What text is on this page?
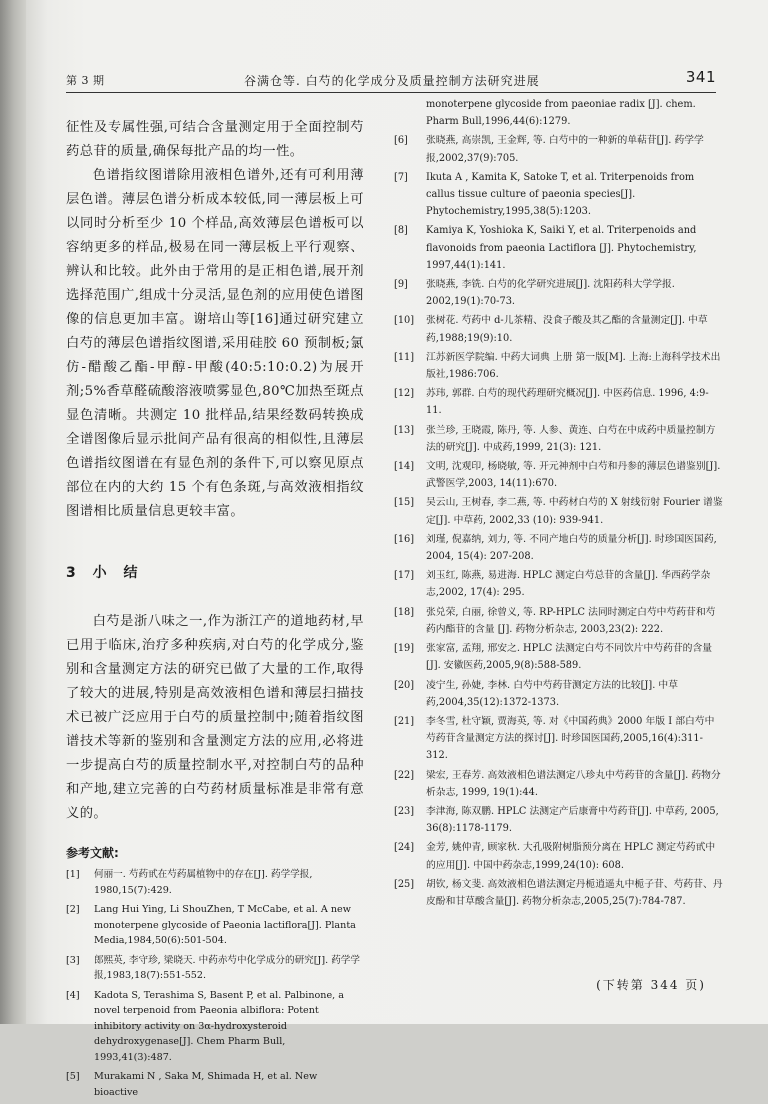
第 3 期	谷满仓等. 白芍的化学成分及质量控制方法研究进展	341

征性及专属性强,可结合含量测定用于全面控制芍药总苷的质量,确保每批产品的均一性。

色谱指纹图谱除用液相色谱外,还有可利用薄层色谱。薄层色谱分析成本较低,同一薄层板上可以同时分析至少 10 个样品,高效薄层色谱板可以容纳更多的样品,极易在同一薄层板上平行观察、辨认和比较。此外由于常用的是正相色谱,展开剂选择范围广,组成十分灵活,显色剂的应用使色谱图像的信息更加丰富。谢培山等[16]通过研究建立白芍的薄层色谱指纹图谱,采用硅胶 60 预制板;氯仿-醋酸乙酯-甲醇-甲酸(40:5:10:0.2)为展开剂;5%香草醛硫酸溶液喷雾显色,80℃加热至斑点显色清晰。共测定 10 批样品,结果经数码转换成全谱图像后显示批间产品有很高的相似性,且薄层色谱指纹图谱在有显色剂的条件下,可以察见原点部位在内的大约 15 个有色条斑,与高效液相指纹图谱相比质量信息更较丰富。

3 小 结

白芍是浙八味之一,作为浙江产的道地药材,早已用于临床,治疗多种疾病,对白芍的化学成分,鉴别和含量测定方法的研究已做了大量的工作,取得了较大的进展,特别是高效液相色谱和薄层扫描技术已被广泛应用于白芍的质量控制中;随着指纹图谱技术等新的鉴别和含量测定方法的应用,必将进一步提高白芍的质量控制水平,对控制白芍的品种和产地,建立完善的白芍药材质量标准是非常有意义的。

参考文献:
[1]	何丽一. 芍药甙在芍药属植物中的存在[J]. 药学学报, 1980,15(7):429.
[2]	Lang Hui Ying, Li ShouZhen, T McCabe, et al. A new monoterpene glycoside of Paeonia lactiflora[J]. Planta Media,1984,50(6):501-504.
[3]	郎熙英, 李守珍, 梁晓天. 中药赤芍中化学成分的研究[J]. 药学学报,1983,18(7):551-552.
[4]	Kadota S, Terashima S, Basent P, et al. Palbinone, a novel terpenoid from Paeonia albiflora: Potent inhibitory activity on 3α-hydroxysteroid dehydroxygenase[J]. Chem Pharm Bull, 1993,41(3):487.
[5]	Murakami N , Saka M, Shimada H, et al. New bioactive
monoterpene glycoside from paeoniae radix [J]. chem. Pharm Bull,1996,44(6):1279.
[6]	张晓燕, 高崇凯, 王金辉, 等. 白芍中的一种新的单萜苷[J]. 药学学报,2002,37(9):705.
[7]	Ikuta A , Kamita K, Satoke T, et al. Triterpenoids from callus tissue culture of paeonia species[J]. Phytochemistry,1995,38(5):1203.
[8]	Kamiya K, Yoshioka K, Saiki Y, et al. Triterpenoids and flavonoids from paeonia Lactiflora [J]. Phytochemistry, 1997,44(1):141.
[9]	张晓燕, 李铣. 白芍的化学研究进展[J]. 沈阳药科大学学报. 2002,19(1):70-73.
[10]	张树花. 芍药中 d-儿茶精、没食子酸及其乙酯的含量测定[J]. 中草药,1988;19(9):10.
[11]	江苏新医学院编. 中药大词典 上册 第一版[M]. 上海:上海科学技术出版社,1986:706.
[12]	苏玮, 郭群. 白芍的现代药理研究概况[J]. 中医药信息. 1996, 4:9-11.
[13]	张兰珍, 王晓霞, 陈丹, 等. 人参、黄连、白芍在中成药中质量控制方法的研究[J]. 中成药,1999, 21(3): 121.
[14]	文明, 沈观印, 杨晓敏, 等. 开元神剂中白芍和丹参的薄层色谱鉴别[J]. 武警医学,2003, 14(11):670.
[15]	吴云山, 王树春, 李二燕, 等. 中药材白芍的 X 射线衍射 Fourier 谱鉴定[J]. 中草药, 2002,33 (10): 939-941.
[16]	刘瑾, 倪嘉纳, 刘力, 等. 不同产地白芍的质量分析[J]. 时珍国医国药, 2004, 15(4): 207-208.
[17]	刘玉红, 陈燕, 易进海. HPLC 测定白芍总苷的含量[J]. 华西药学杂志,2002, 17(4): 295.
[18]	张兑荣, 白丽, 徐曾义, 等. RP-HPLC 法同时测定白芍中芍药苷和芍药内酯苷的含量 [J]. 药物分析杂志, 2003,23(2): 222.
[19]	张家富, 孟翔, 邢安之. HPLC 法测定白芍不同饮片中芍药苷的含量[J]. 安徽医药,2005,9(8):588-589.
[20]	凌宁生, 孙婕, 李林. 白芍中芍药苷测定方法的比较[J]. 中草药,2004,35(12):1372-1373.
[21]	李冬雪, 杜守颖, 贾海英, 等. 对《中国药典》2000 年版 I 部白芍中芍药苷含量测定方法的探讨[J]. 时珍国医国药,2005,16(4):311-312.
[22]	梁宏, 王春芳. 高效液相色谱法测定八珍丸中芍药苷的含量[J]. 药物分析杂志, 1999, 19(1):44.
[23]	李津海, 陈双鹏. HPLC 法测定产后康膏中芍药苷[J]. 中草药, 2005, 36(8):1178-1179.
[24]	金芳, 姚仲青, 顾家秋. 大孔吸附树脂预分离在 HPLC 测定芍药甙中的应用[J]. 中国中药杂志,1999,24(10): 608.
[25]	胡钦, 杨文斐. 高效液相色谱法测定丹栀逍遥丸中栀子苷、芍药苷、丹皮酚和甘草酸含量[J]. 药物分析杂志,2005,25(7):784-787.
(下转第 344 页)
